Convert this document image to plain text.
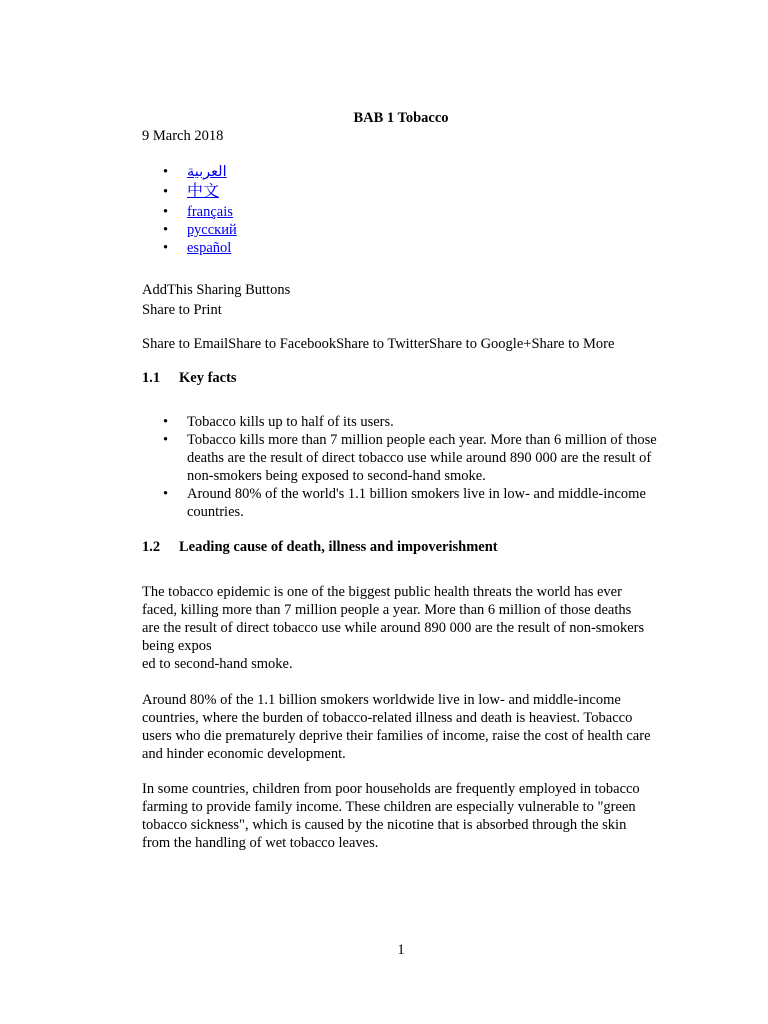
BAB 1 Tobacco
9 March 2018
• العربية
• 中文
• français
• русский
• español
AddThis Sharing Buttons
Share to Print
Share to EmailShare to FacebookShare to TwitterShare to Google+Share to More
1.1 Key facts
• Tobacco kills up to half of its users.
• Tobacco kills more than 7 million people each year. More than 6 million of those deaths are the result of direct tobacco use while around 890 000 are the result of non-smokers being exposed to second-hand smoke.
• Around 80% of the world's 1.1 billion smokers live in low- and middle-income countries.
1.2 Leading cause of death, illness and impoverishment
The tobacco epidemic is one of the biggest public health threats the world has ever faced, killing more than 7 million people a year. More than 6 million of those deaths are the result of direct tobacco use while around 890 000 are the result of non-smokers being expos
ed to second-hand smoke.
Around 80% of the 1.1 billion smokers worldwide live in low- and middle-income countries, where the burden of tobacco-related illness and death is heaviest. Tobacco users who die prematurely deprive their families of income, raise the cost of health care and hinder economic development.
In some countries, children from poor households are frequently employed in tobacco farming to provide family income. These children are especially vulnerable to "green tobacco sickness", which is caused by the nicotine that is absorbed through the skin from the handling of wet tobacco leaves.
1
